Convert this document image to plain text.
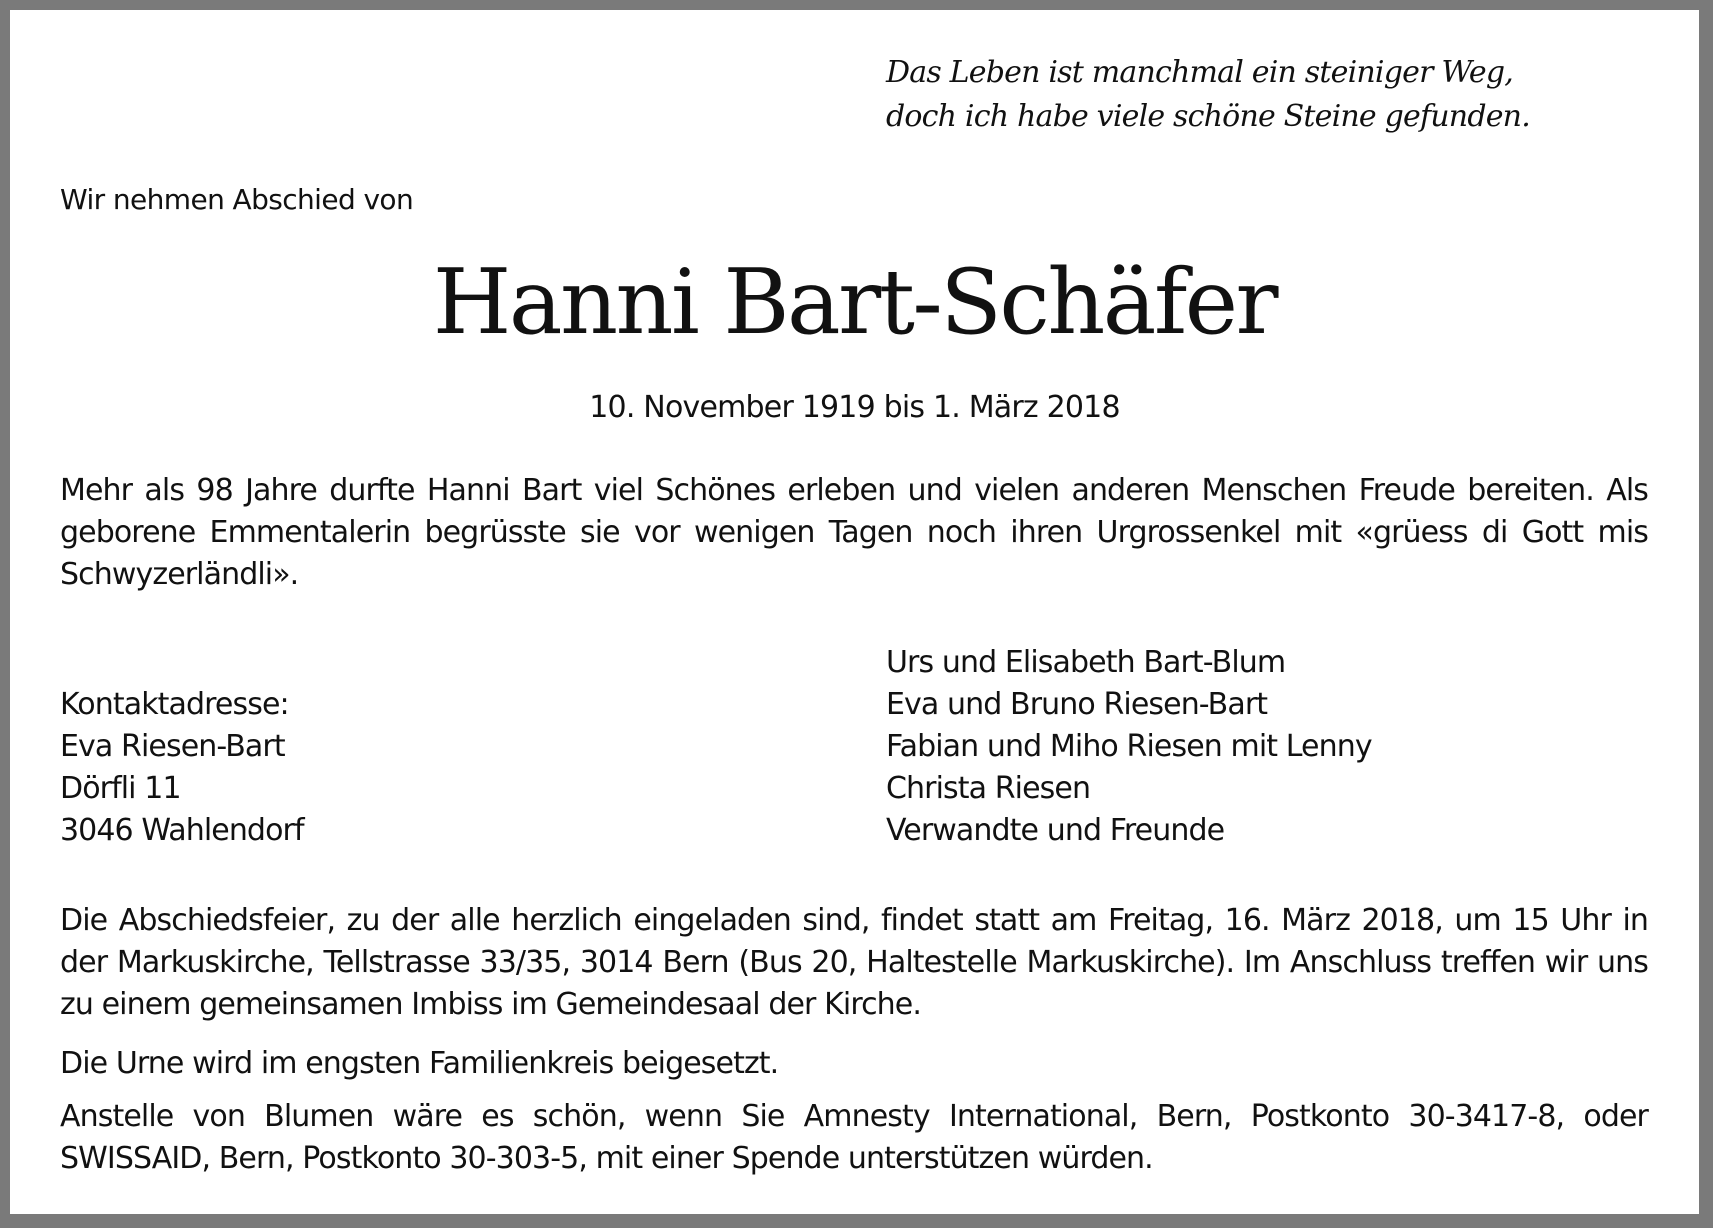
Das Leben ist manchmal ein steiniger Weg,
doch ich habe viele schöne Steine gefunden.
Wir nehmen Abschied von
Hanni Bart-Schäfer
10. November 1919 bis 1. März 2018

Mehr als 98 Jahre durfte Hanni Bart viel Schönes erleben und vielen anderen Menschen Freude bereiten. Als geborene Emmentalerin begrüsste sie vor wenigen Tagen noch ihren Urgrossenkel mit «grüess di Gott mis Schwyzerländli».

Kontaktadresse:
Eva Riesen-Bart
Dörfli 11
3046 Wahlendorf
Urs und Elisabeth Bart-Blum
Eva und Bruno Riesen-Bart
Fabian und Miho Riesen mit Lenny
Christa Riesen
Verwandte und Freunde

Die Abschiedsfeier, zu der alle herzlich eingeladen sind, findet statt am Freitag, 16. März 2018, um 15 Uhr in der Markuskirche, Tellstrasse 33/35, 3014 Bern (Bus 20, Haltestelle Markuskirche). Im Anschluss treffen wir uns zu einem gemeinsamen Imbiss im Gemeindesaal der Kirche.

Die Urne wird im engsten Familienkreis beigesetzt.

Anstelle von Blumen wäre es schön, wenn Sie Amnesty International, Bern, Postkonto 30-3417-8, oder SWISSAID, Bern, Postkonto 30-303-5, mit einer Spende unterstützen würden.
